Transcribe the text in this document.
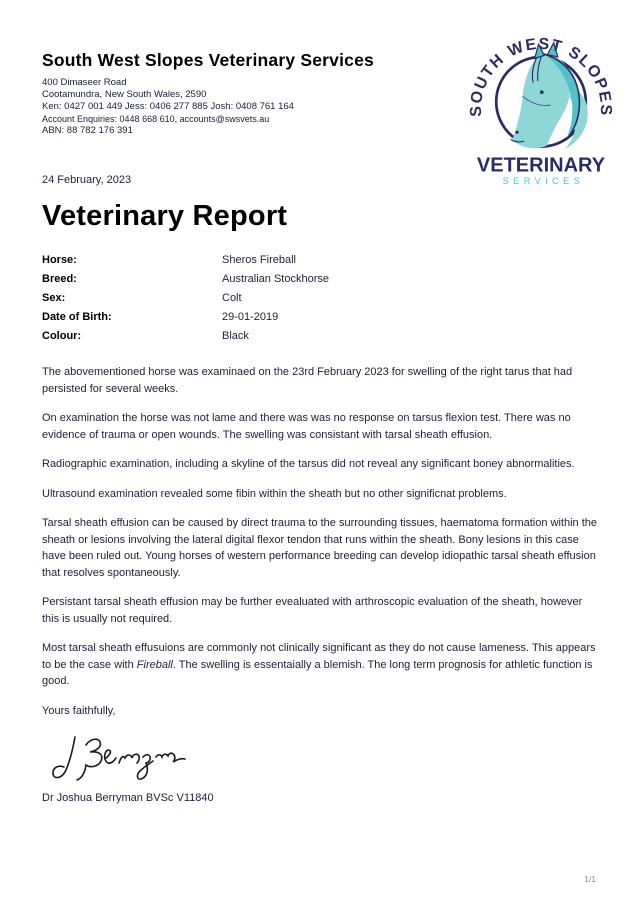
South West Slopes Veterinary Services
400 Dimaseer Road
Cootamundra, New South Wales, 2590
Ken: 0427 001 449 Jess: 0406 277 885 Josh: 0408 761 164
Account Enquiries: 0448 668 610, accounts@swsvets.au
ABN: 88 782 176 391
SOUTH WEST SLOPES
VETERINARY
SERVICES
24 February, 2023
Veterinary Report
Horse:	Sheros Fireball
Breed:	Australian Stockhorse
Sex:	Colt
Date of Birth:	29-01-2019
Colour:	Black

The abovementioned horse was examinaed on the 23rd February 2023 for swelling of the right tarus that had persisted for several weeks.

On examination the horse was not lame and there was was no response on tarsus flexion test. There was no evidence of trauma or open wounds. The swelling was consistant with tarsal sheath effusion.

Radiographic examination, including a skyline of the tarsus did not reveal any significant boney abnormalities.

Ultrasound examination revealed some fibin within the sheath but no other significnat problems.

Tarsal sheath effusion can be caused by direct trauma to the surrounding tissues, haematoma formation within the sheath or lesions involving the lateral digital flexor tendon that runs within the sheath. Bony lesions in this case have been ruled out. Young horses of western performance breeding can develop idiopathic tarsal sheath effusion that resolves spontaneously.

Persistant tarsal sheath effusion may be further evealuated with arthroscopic evaluation of the sheath, however this is usually not required.

Most tarsal sheath effusuions are commonly not clinically significant as they do not cause lameness. This appears to be the case with Fireball. The swelling is essentaially a blemish. The long term prognosis for athletic function is good.

Yours faithfully,

Dr Joshua Berryman BVSc V11840
1/1
